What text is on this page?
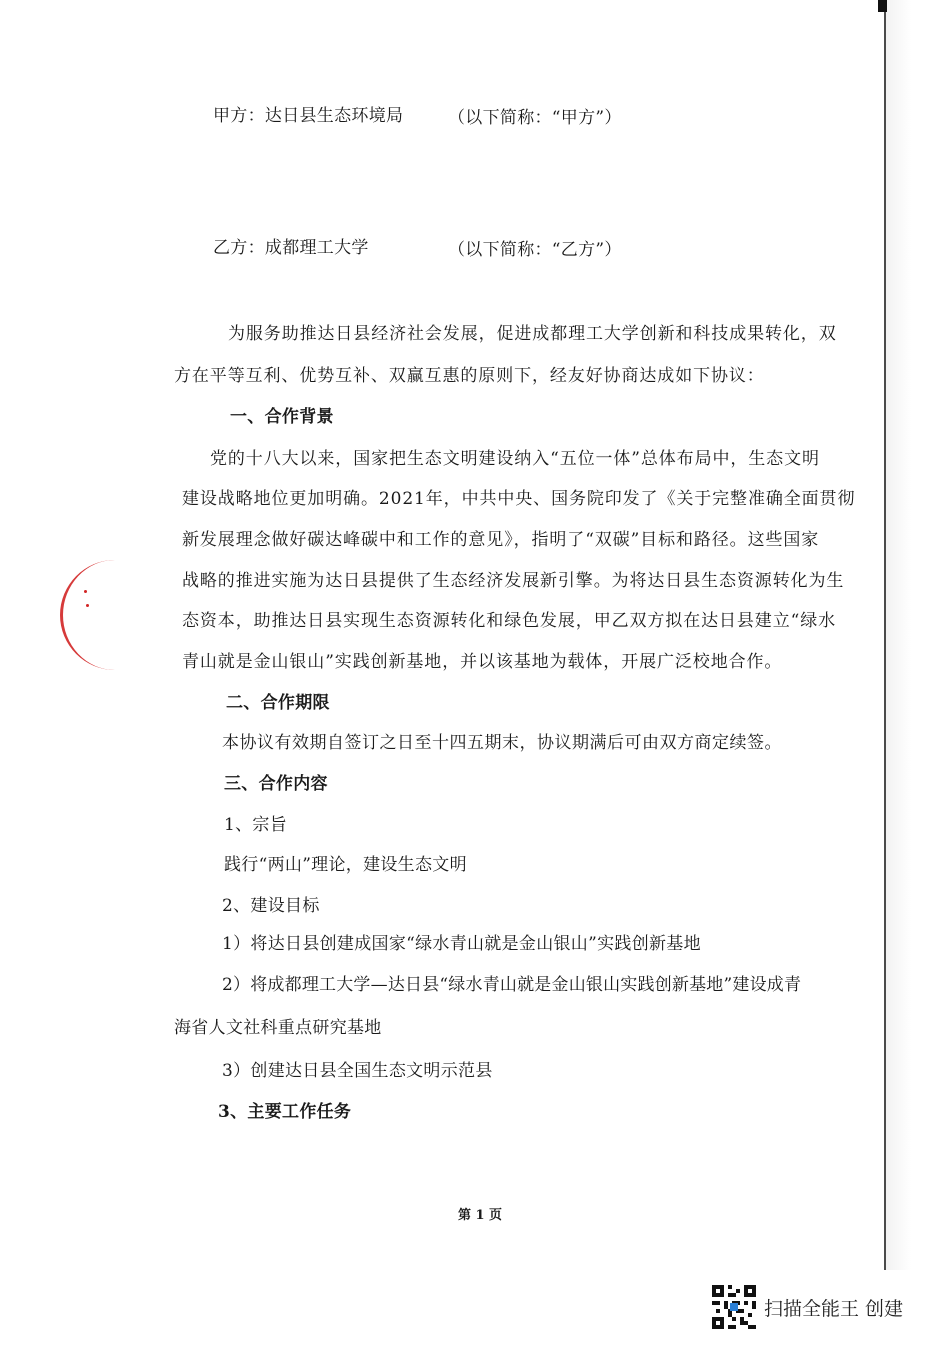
甲方：达日县生态环境局	（以下简称：“甲方”）
乙方：成都理工大学	（以下简称：“乙方”）
为服务助推达日县经济社会发展，促进成都理工大学创新和科技成果转化，双
方在平等互利、优势互补、双赢互惠的原则下，经友好协商达成如下协议：
一、合作背景
党的十八大以来，国家把生态文明建设纳入“五位一体”总体布局中，生态文明
建设战略地位更加明确。2021年，中共中央、国务院印发了《关于完整准确全面贯彻
新发展理念做好碳达峰碳中和工作的意见》，指明了“双碳”目标和路径。这些国家
战略的推进实施为达日县提供了生态经济发展新引擎。为将达日县生态资源转化为生
态资本，助推达日县实现生态资源转化和绿色发展，甲乙双方拟在达日县建立“绿水
青山就是金山银山”实践创新基地，并以该基地为载体，开展广泛校地合作。
二、合作期限
本协议有效期自签订之日至十四五期末，协议期满后可由双方商定续签。
三、合作内容
1、宗旨
践行“两山”理论，建设生态文明
2、建设目标
1）将达日县创建成国家“绿水青山就是金山银山”实践创新基地
2）将成都理工大学—达日县“绿水青山就是金山银山实践创新基地”建设成青
海省人文社科重点研究基地
3）创建达日县全国生态文明示范县
3、主要工作任务
第 1 页
扫描全能王 创建
